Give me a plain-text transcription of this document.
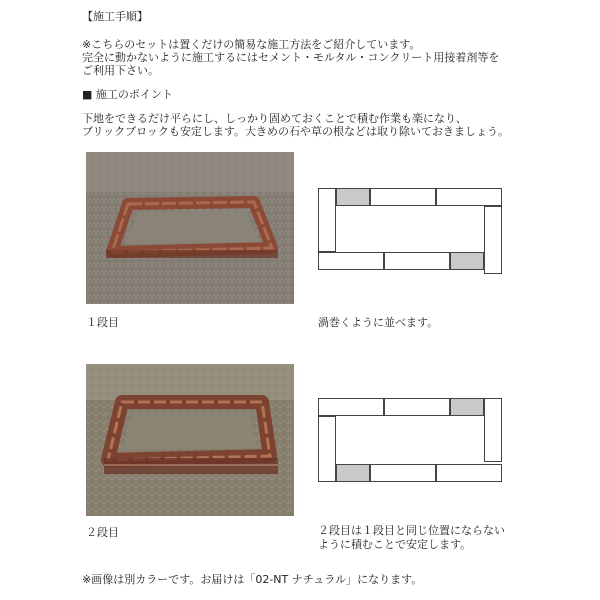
【施工手順】
※こちらのセットは置くだけの簡易な施工方法をご紹介しています。
完全に動かないように施工するにはセメント・モルタル・コンクリート用接着剤等を
ご利用下さい。
■ 施工のポイント
下地をできるだけ平らにし、しっかり固めておくことで積む作業も楽になり、
ブリックブロックも安定します。大きめの石や草の根などは取り除いておきましょう。
１段目	渦巻くように並べます。
２段目	２段目は１段目と同じ位置にならない
ように積むことで安定します。
※画像は別カラーです。お届けは「02-NT ナチュラル」になります。
